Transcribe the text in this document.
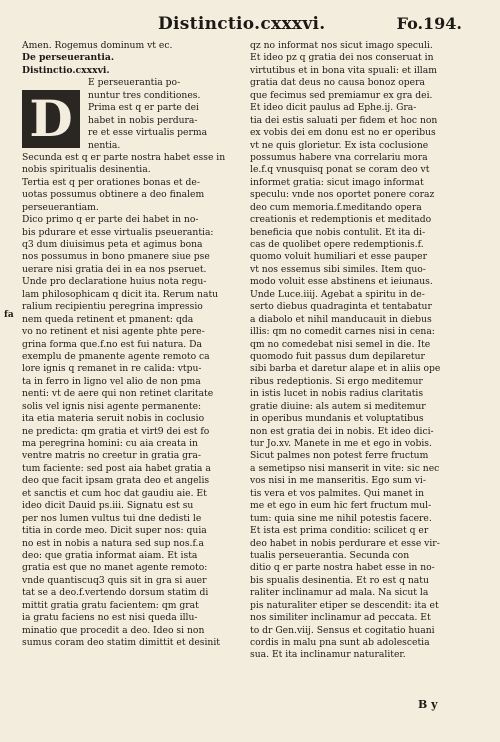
Distinctio.cxxxvi.	Fo.194.
D
Amen. Rogemus dominum vt ec.
De perseuerantia.
Distinctio.cxxxvi.
E perseuerantia po-
nuntur tres conditiones.
Prima est q er parte dei
habet in nobis perdura-
re et esse virtualis perma
nentia.
Secunda est q er parte nostra habet esse in
nobis spiritualis desinentia.
Tertia est q per orationes bonas et de-
uotas possumus obtinere a deo finalem
perseuerantiam.
Dico primo q er parte dei habet in no-
bis pdurare et esse virtualis pseuerantia:
q3 dum diuisimus peta et agimus bona
nos possumus in bono pmanere siue pse
uerare nisi gratia dei in ea nos pseruet.
Unde pro declaratione huius nota regu-
lam philosophicam q dicit ita. Rerum natu
ralium recipientiu peregrina impressio
nem queda retinent et pmanent: qda
vo no retinent et nisi agente phte pere-
grina forma que.f.no est fui natura. Da
exemplu de pmanente agente remoto ca
lore ignis q remanet in re calida: vtpu-
ta in ferro in ligno vel alio de non pma
nenti: vt de aere qui non retinet claritate
solis vel ignis nisi agente permanente:
ita etia materia seruit nobis in coclusio
ne predicta: qm gratia et virt9 dei est fo
ma peregrina homini: cu aia creata in
ventre matris no creetur in gratia gra-
tum faciente: sed post aia habet gratia a
deo que facit ipsam grata deo et angelis
et sanctis et cum hoc dat gaudiu aie. Et
ideo dicit Dauid ps.iii. Signatu est su
per nos lumen vultus tui dne dedisti le
titia in corde meo. Dicit super nos: quia
no est in nobis a natura sed sup nos.f.a
deo: que gratia informat aiam. Et ista
gratia est que no manet agente remoto:
vnde quantiscuq3 quis sit in gra si auer
tat se a deo.f.vertendo dorsum statim di
mittit gratia gratu facientem: qm grat
ia gratu faciens no est nisi queda illu-
minatio que procedit a deo. Ideo si non
sumus coram deo statim dimittit et desinit
qz no informat nos sicut imago speculi.
Et ideo pz q gratia dei nos conseruat in
virtutibus et in bona vita spuali: et illam
gratia dat deus no causa bonoz opera
que fecimus sed premiamur ex gra dei.
Et ideo dicit paulus ad Ephe.ij. Gra-
tia dei estis saluati per fidem et hoc non
ex vobis dei em donu est no er operibus
vt ne quis glorietur. Ex ista coclusione
possumus habere vna correlariu mora
le.f.q vnusquisq ponat se coram deo vt
informet gratia: sicut imago informat
speculu: vnde nos oportet ponere coraz
deo cum memoria.f.meditando opera
creationis et redemptionis et meditado
beneficia que nobis contulit. Et ita di-
cas de quolibet opere redemptionis.f.
quomo voluit humiliari et esse pauper
vt nos essemus sibi similes. Item quo-
modo voluit esse abstinens et ieiunaus.
Unde Luce.iiij. Agebat a spiritu in de-
serto diebus quadraginta et tentabatur
a diabolo et nihil manducauit in diebus
illis: qm no comedit carnes nisi in cena:
qm no comedebat nisi semel in die. Ite
quomodo fuit passus dum depilaretur
sibi barba et daretur alape et in aliis ope
ribus redeptionis. Si ergo meditemur
in istis lucet in nobis radius claritatis
gratie diuine: als autem si meditemur
in operibus mundanis et voluptatibus
non est gratia dei in nobis. Et ideo dici-
tur Jo.xv. Manete in me et ego in vobis.
Sicut palmes non potest ferre fructum
a semetipso nisi manserit in vite: sic nec
vos nisi in me manseritis. Ego sum vi-
tis vera et vos palmites. Qui manet in
me et ego in eum hic fert fructum mul-
tum: quia sine me nihil potestis facere.
Et ista est prima conditio: scilicet q er
deo habet in nobis perdurare et esse vir-
tualis perseuerantia. Secunda con
ditio q er parte nostra habet esse in no-
bis spualis desinentia. Et ro est q natu
raliter inclinamur ad mala. Na sicut la
pis naturaliter etiper se descendit: ita et
nos similiter inclinamur ad peccata. Et
to dr Gen.viij. Sensus et cogitatio huani
cordis in malu pna sunt ab adolescetia
sua. Et ita inclinamur naturaliter.
fa
B y
